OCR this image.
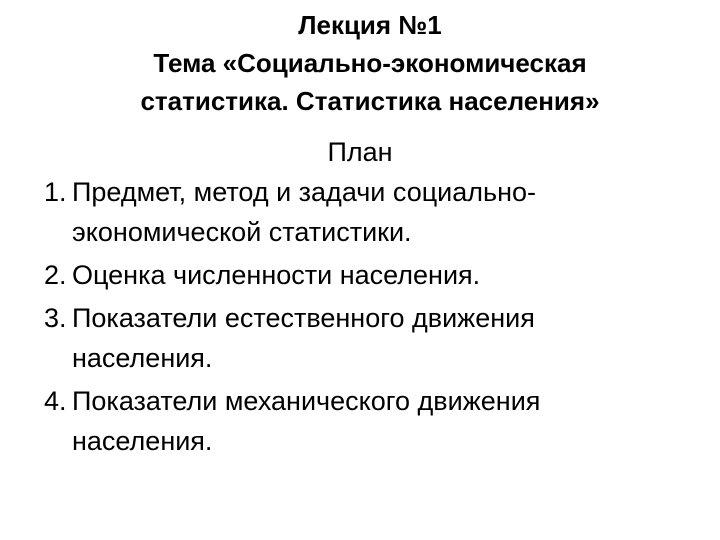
Лекция №1
Тема «Социально-экономическая
статистика. Статистика населения»
План
1. Предмет, метод и задачи социально-
экономической статистики.
2. Оценка численности населения.
3. Показатели естественного движения
населения.
4. Показатели механического движения
населения.
